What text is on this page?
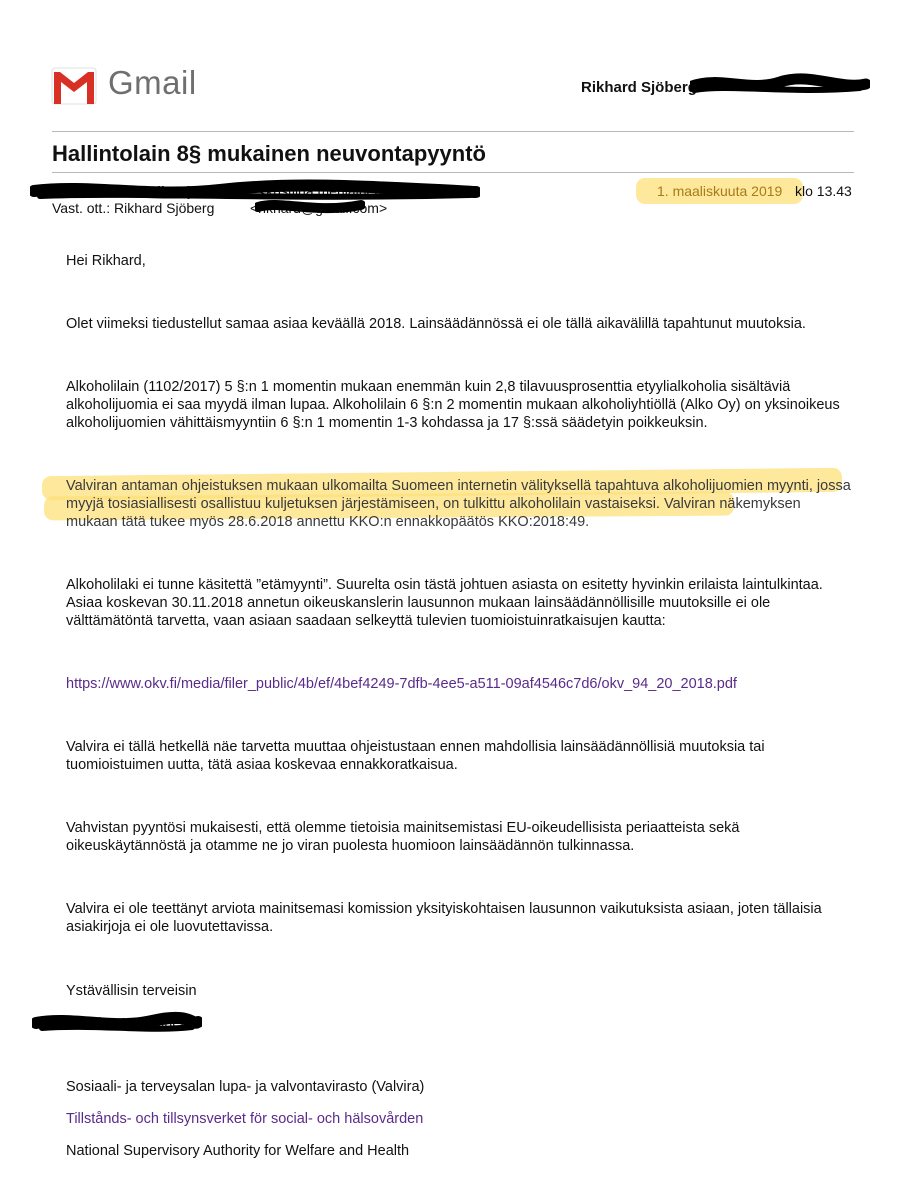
Gmail	Rikhard Sjöberg
Hallintolain 8§ mukainen neuvontapyyntö
Meriläinen Kristiina (Valvira) <kristiina.merilainen@valvira.fi>	1. maaliskuuta 2019 klo 13.43
Vast. ott.: Rikhard Sjöberg	<rikhard@gmail.com>
Hei Rikhard,
Olet viimeksi tiedustellut samaa asiaa keväällä 2018. Lainsäädännössä ei ole tällä aikavälillä tapahtunut muutoksia.
Alkoholilain (1102/2017) 5 §:n 1 momentin mukaan enemmän kuin 2,8 tilavuusprosenttia etyylialkoholia sisältäviä alkoholijuomia ei saa myydä ilman lupaa. Alkoholilain 6 §:n 2 momentin mukaan alkoholiyhtiöllä (Alko Oy) on yksinoikeus alkoholijuomien vähittäismyyntiin 6 §:n 1 momentin 1-3 kohdassa ja 17 §:ssä säädetyin poikkeuksin.
Valviran antaman ohjeistuksen mukaan ulkomailta Suomeen internetin välityksellä tapahtuva alkoholijuomien myynti, jossa myyjä tosiasiallisesti osallistuu kuljetuksen järjestämiseen, on tulkittu alkoholilain vastaiseksi. Valviran näkemyksen mukaan tätä tukee myös 28.6.2018 annettu KKO:n ennakkopäätös KKO:2018:49.
Alkoholilaki ei tunne käsitettä ”etämyynti”. Suurelta osin tästä johtuen asiasta on esitetty hyvinkin erilaista laintulkintaa. Asiaa koskevan 30.11.2018 annetun oikeuskanslerin lausunnon mukaan lainsäädännöllisille muutoksille ei ole välttämätöntä tarvetta, vaan asiaan saadaan selkeyttä tulevien tuomioistuinratkaisujen kautta:
https://www.okv.fi/media/filer_public/4b/ef/4bef4249-7dfb-4ee5-a511-09af4546c7d6/okv_94_20_2018.pdf
Valvira ei tällä hetkellä näe tarvetta muuttaa ohjeistustaan ennen mahdollisia lainsäädännöllisiä muutoksia tai tuomioistuimen uutta, tätä asiaa koskevaa ennakkoratkaisua.
Vahvistan pyyntösi mukaisesti, että olemme tietoisia mainitsemistasi EU-oikeudellisista periaatteista sekä oikeuskäytännöstä ja otamme ne jo viran puolesta huomioon lainsäädännön tulkinnassa.
Valvira ei ole teettänyt arviota mainitsemasi komission yksityiskohtaisen lausunnon vaikutuksista asiaan, joten tällaisia asiakirjoja ei ole luovutettavissa.
Ystävällisin terveisin
Kristiina Meriläinen
Sosiaali- ja terveysalan lupa- ja valvontavirasto (Valvira)
Tillstånds- och tillsynsverket för social- och hälsovården
National Supervisory Authority for Welfare and Health
